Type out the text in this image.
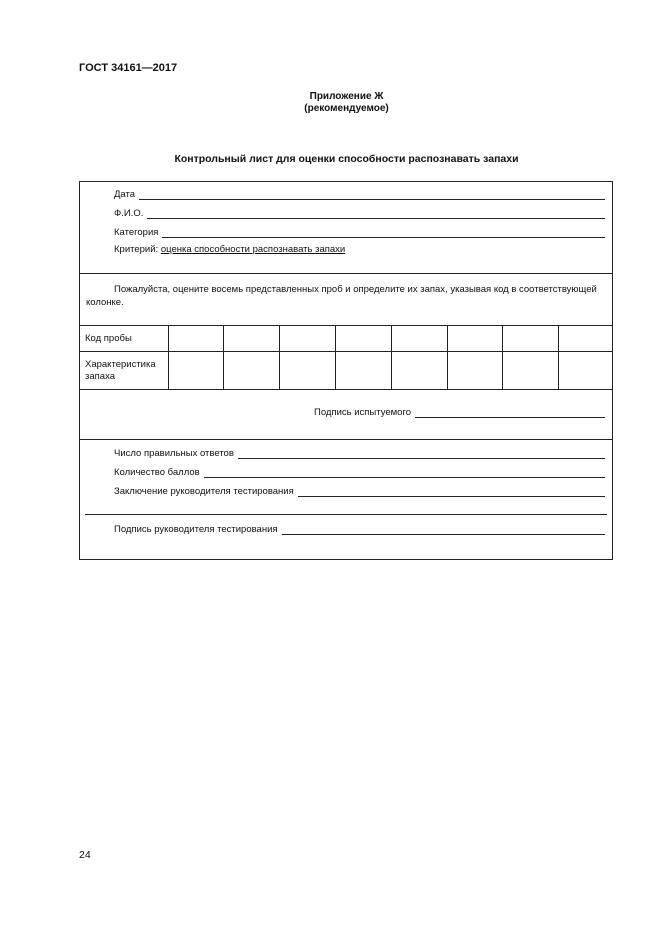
ГОСТ 34161—2017
Приложение Ж
(рекомендуемое)
Контрольный лист для оценки способности распознавать запахи
Дата
Ф.И.О.
Категория
Критерий: оценка способности распознавать запахи
Пожалуйста, оцените восемь представленных проб и определите их запах, указывая код в соответствующей колонке.
Код пробы								
Характеристика запаха								
Подпись испытуемого
Число правильных ответов
Количество баллов
Заключение руководителя тестирования
Подпись руководителя тестирования
24
